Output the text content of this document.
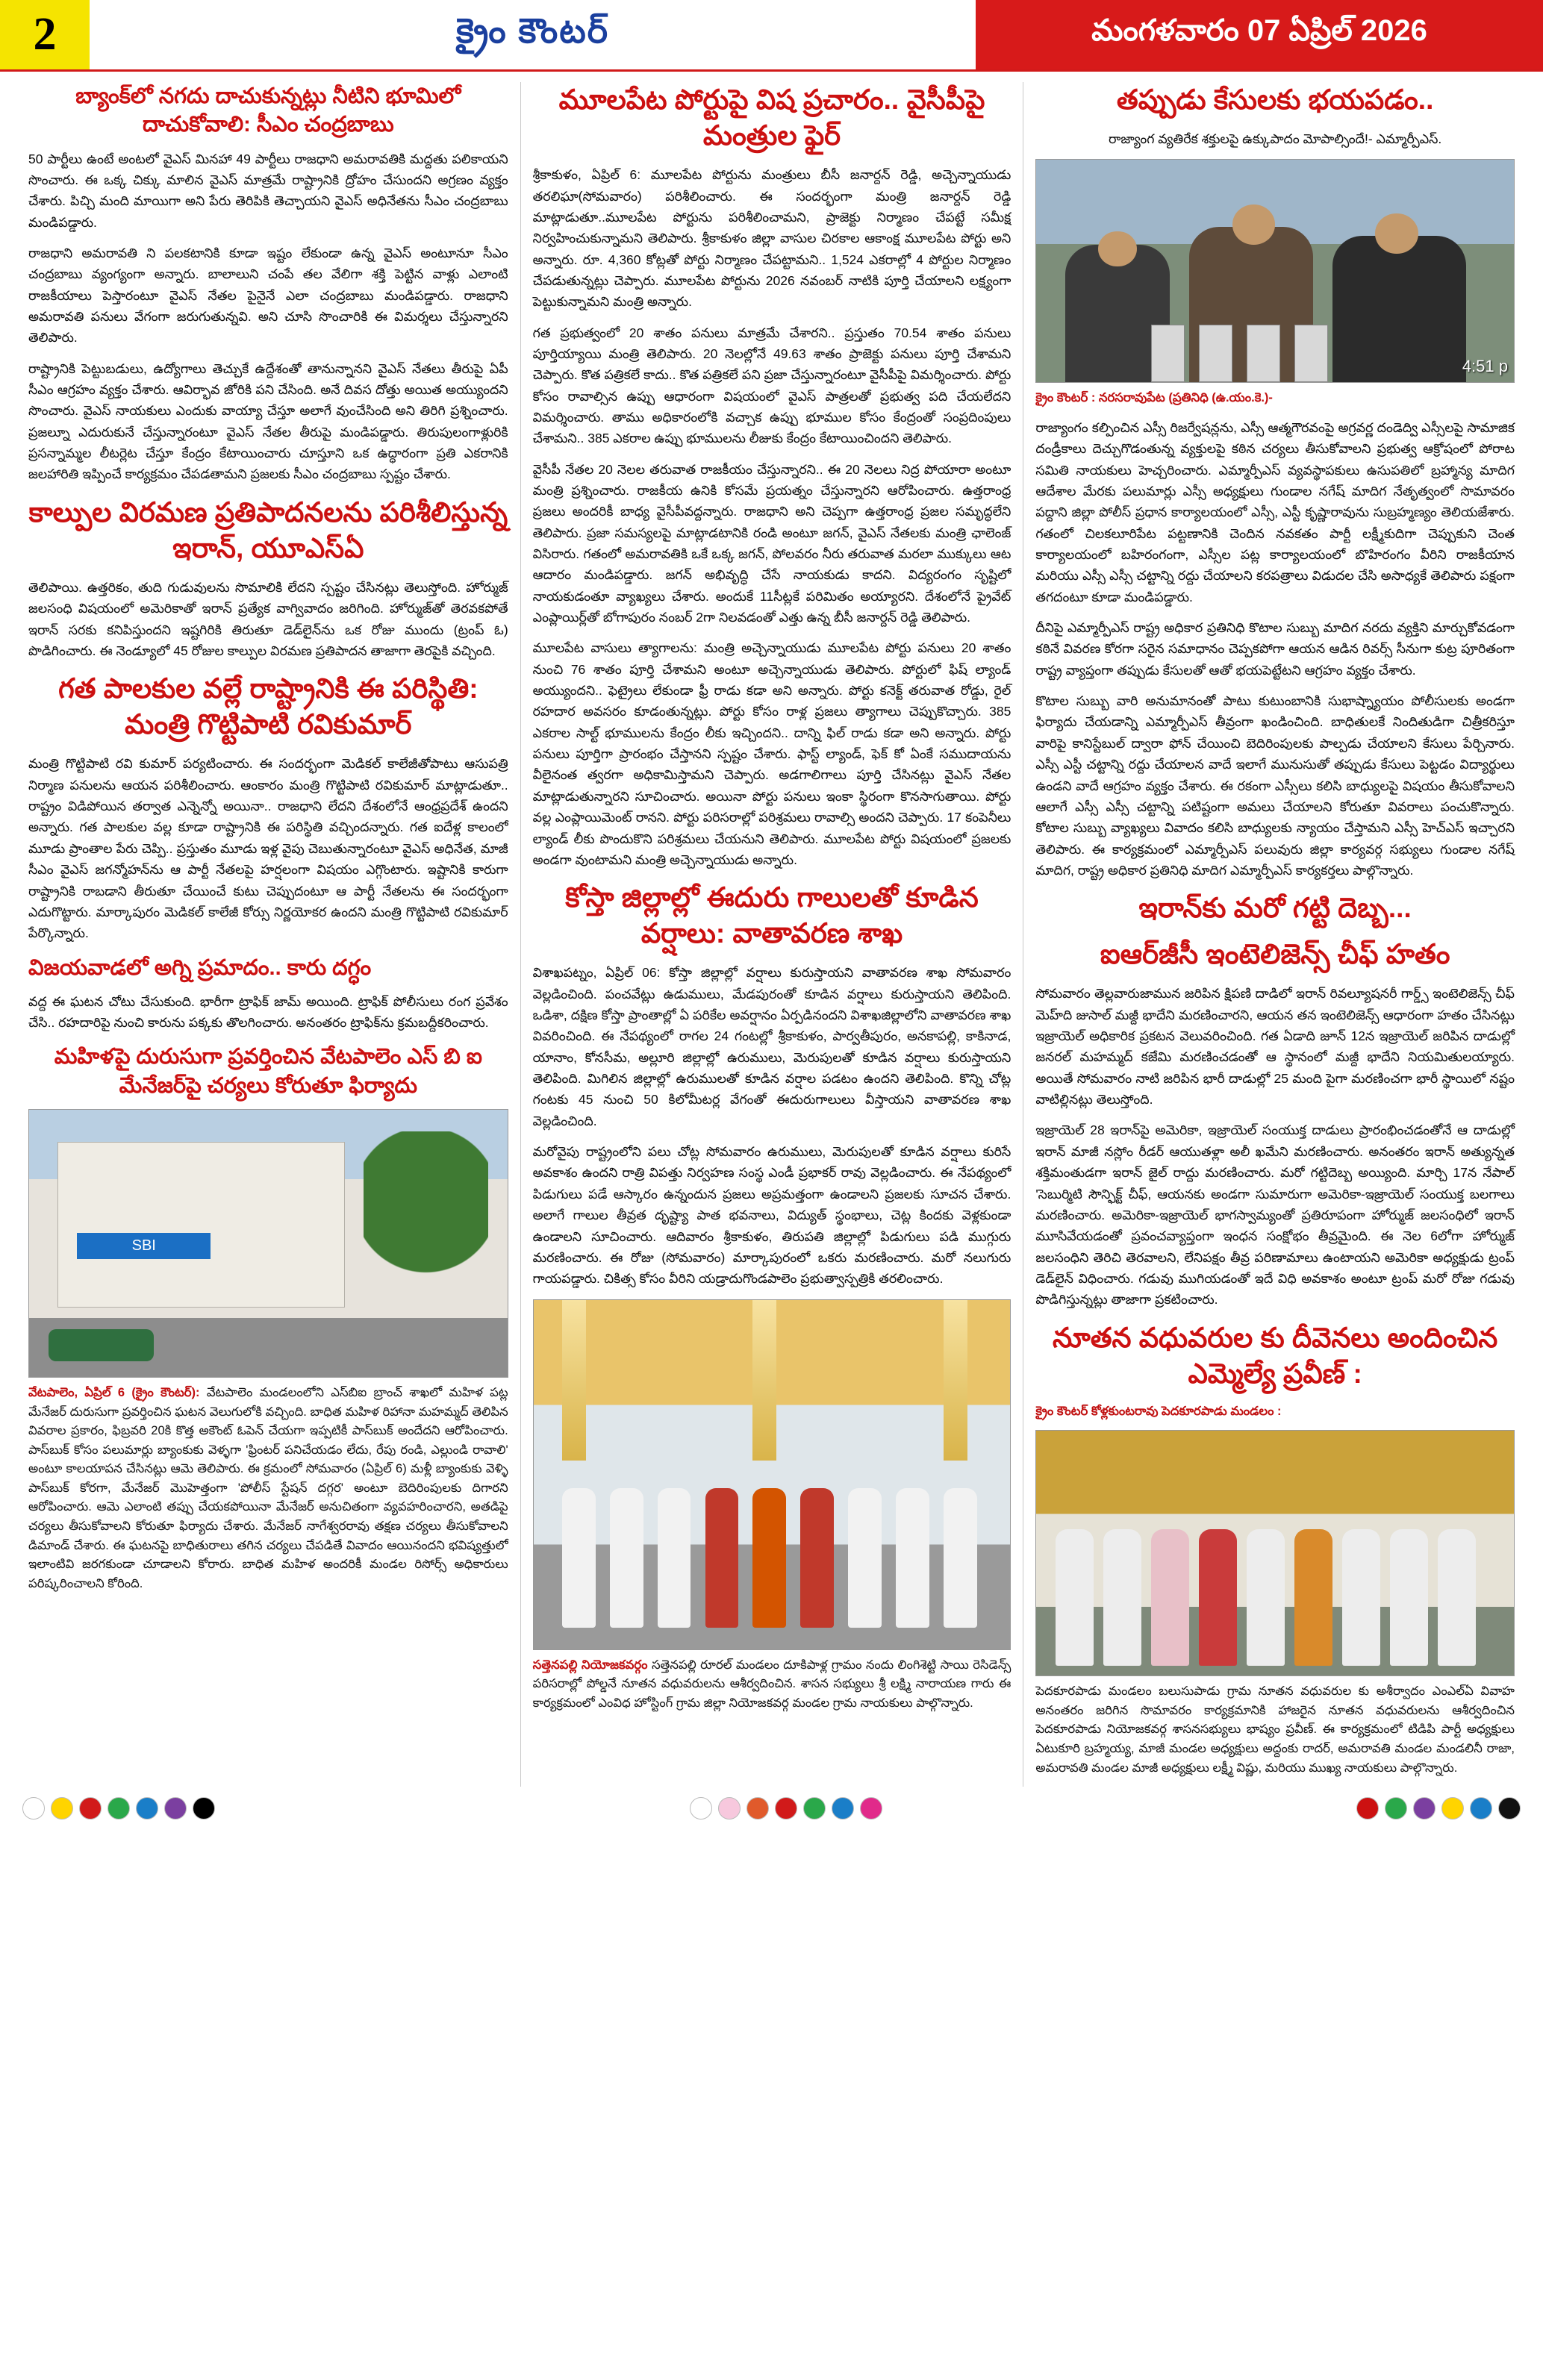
2	క్రైం కౌంటర్	మంగళవారం 07 ఏప్రిల్ 2026
బ్యాంక్‌లో నగదు దాచుకున్నట్లు నీటిని భూమిలో దాచుకోవాలి: సీఎం చంద్రబాబు

50 పార్టీలు ఉంటే అంటలో వైఎస్ మినహా 49 పార్టీలు రాజధాని అమరావతికి మద్దతు పలికాయని సొంచారు. ఈ ఒక్క చిక్కు మాలిన వైఎస్ మాత్రమే రాష్ట్రానికి ద్రోహం చేసుందని అగ్రణం వ్యక్తం చేశారు. పిచ్చి మంది మాయిగా అని పేరు తెరిపికి తెచ్చాయని వైఎస్ అధినేతను సీఎం చంద్రబాబు మండిపడ్డారు.

రాజధాని అమరావతి ని పలకటానికి కూడా ఇష్టం లేకుండా ఉన్న వైఎస్ అంటూనూ సీఎం చంద్రబాబు వ్యంగ్యంగా అన్నారు. బాలాలుని చంపే తల వేలిగా శక్తి పెట్టిన వాళ్లు ఎలాంటి రాజకీయాలు పెస్తారంటూ వైఎస్ నేతల పైనైనే ఎలా చంద్రబాబు మండిపడ్డారు. రాజధాని అమరావతి పనులు వేగంగా జరుగుతున్నవి. అని చూసి సొంచారికి ఈ విమర్శలు చేస్తున్నారని తెలిపారు.

రాష్ట్రానికి పెట్టుబడులు, ఉద్యోగాలు తెచ్చుకే ఉద్దేశంతో తానున్నానని వైఎస్ నేతలు తీరుపై ఏపీ సీఎం ఆగ్రహం వ్యక్తం చేశారు. ఆవిర్భావ జోరికి పని చేసింది. అనే దివస దోత్తు అయిత అయ్యుందని సొంచారు. వైఎస్ నాయకులు ఎందుకు వాయ్యా చేస్తూ అలాగే వుంచేసింది అని తిరిగి ప్రశ్నించారు. ప్రజల్నూ ఎదురుకునే చేస్తున్నారంటూ వైఎస్ నేతల తీరుపై మండిపడ్డారు. తిరుపులంగాళ్లురికి ప్రసన్నామ్మల లీటర్లెట చేస్తూ కేంద్రం కేటాయించారు చూస్తూని ఒక ఉద్ధారంగా ప్రతి ఎకరానికి జలహారితి ఇప్పించే కార్యక్రమం చేపడతామని ప్రజలకు సీఎం చంద్రబాబు స్పష్టం చేశారు.

కాల్పుల విరమణ ప్రతిపాదనలను పరిశీలిస్తున్న ఇరాన్, యూఎస్ఏ

తెలిపాయి. ఉత్తరికం, తుది గుడువులను సొమాలికి లేదని స్పష్టం చేసినట్లు తెలుస్తోంది. హోర్ముజ్ జలసంధి విషయంలో అమెరికాతో ఇరాన్ ప్రత్యేక వాగ్వివాదం జరిగింది. హోర్ముజ్‌తో తెరవకపోతే ఇరాన్ సరకు కనిపిస్తుందని ఇష్టగిరికి తిరుతూ డెడ్‌లైన్‌ను ఒక రోజు ముందు (ట్రంప్ ఓ) పొడిగించారు. ఈ నెండ్యూలో 45 రోజుల కాల్పుల విరమణ ప్రతిపాదన తాజాగా తెరపైకి వచ్చింది.

గత పాలకుల వల్లే రాష్ట్రానికి ఈ పరిస్థితి: మంత్రి గొట్టిపాటి రవికుమార్

మంత్రి గొట్టిపాటి రవి కుమార్ పర్యటించారు. ఈ సందర్భంగా మెడికల్ కాలేజీతోపాటు ఆసుపత్రి నిర్మాణ పనులను ఆయన పరిశీలించారు. ఆంకారం మంత్రి గొట్టిపాటి రవికుమార్ మాట్లాడుతూ.. రాష్ట్రం విడిపోయిన తర్వాత ఎన్నెన్నో అయినా.. రాజధాని లేదని దేశంలోనే ఆంధ్రప్రదేశ్ ఉందని అన్నారు. గత పాలకుల వల్ల కూడా రాష్ట్రానికి ఈ పరిస్థితి వచ్చిందన్నారు. గత ఐదేళ్ల కాలంలో మూడు ప్రాంతాల పేరు చెప్పి.. ప్రస్తుతం మూడు ఇళ్ల వైపు చెబుతున్నారంటూ వైఎస్ అధినేత, మాజీ సీఎం వైఎస్ జగన్మోహన్‌ను ఆ పార్టీ నేతలపై హర్షలంగా విషయం ఎగ్గొంటారు. ఇష్టానికి కారుగా రాష్ట్రానికి రాబడాని తీరుతూ చేయించే కుటు చెప్పుదంటూ ఆ పార్టీ నేతలను ఈ సందర్భంగా ఎదుగొట్టారు. మార్కాపురం మెడికల్ కాలేజీ కోర్సు నిర్ణయోకర ఉందని మంత్రి గొట్టిపాటి రవికుమార్ పేర్కొన్నారు.

విజయవాడలో అగ్ని ప్రమాదం.. కారు దగ్ధం

వద్ద ఈ ఘటన చోటు చేసుకుంది. భారీగా ట్రాఫిక్ జామ్ అయింది. ట్రాఫిక్ పోలీసులు రంగ ప్రవేశం చేసి.. రహదారిపై నుంచి కారును పక్కకు తొలగించారు. అనంతరం ట్రాఫిక్‌ను క్రమబద్దీకరించారు.

మహిళపై దురుసుగా ప్రవర్తించిన వేటపాలెం ఎస్ బి ఐ మేనేజర్‌పై చర్యలు కోరుతూ ఫిర్యాదు
SBI

వేటపాలెం, ఏప్రిల్ 6 (క్రైం కౌంటర్): వేటపాలెం మండలంలోని ఎస్‌బిఐ బ్రాంచ్ శాఖలో మహిళ పట్ల మేనేజర్ దురుసుగా ప్రవర్తించిన ఘటన వెలుగులోకి వచ్చింది. బాధిత మహిళ రిహానా మహమ్మద్ తెలిపిన వివరాల ప్రకారం, ఫిబ్రవరి 20కి కొత్త అకౌంట్ ఓపెన్ చేయగా ఇప్పటికీ పాస్‌బుక్ అందేదని ఆరోపించారు. పాస్‌బుక్ కోసం పలుమార్లు బ్యాంకుకు వెళ్ళగా 'ఫ్రింటర్ పనిచేయడం లేదు, రేపు రండి, ఎల్లుండి రావాలి' అంటూ కాలయాపన చేసినట్లు ఆమె తెలిపారు. ఈ క్రమంలో సోమవారం (ఏప్రిల్ 6) మళ్లీ బ్యాంకుకు వెళ్ళి పాస్‌బుక్ కోరగా, మేనేజర్ మొహెత్తంగా 'పోలీస్ స్టేషన్ దగ్గర' అంటూ బెదిరింపులకు దిగారని ఆరోపించారు. ఆమె ఎలాంటి తప్పు చేయకపోయినా మేనేజర్ అనుచితంగా వ్యవహరించారని, అతడిపై చర్యలు తీసుకోవాలని కోరుతూ ఫిర్యాదు చేశారు. మేనేజర్ నాగేశ్వరరావు తక్షణ చర్యలు తీసుకోవాలని డిమాండ్ చేశారు. ఈ ఘటనపై బాధితురాలు తగిన చర్యలు చేపడితే వివాదం ఆయినందని భవిష్యత్తులో ఇలాంటివి జరగకుండా చూడాలని కోరారు. బాధిత మహిళ అందరికీ మండల రిసోర్స్ అధికారులు పరిష్కరించాలని కోరింది.

మూలపేట పోర్టుపై విష ప్రచారం.. వైసీపీపై మంత్రుల ఫైర్

శ్రీకాకుళం, ఏప్రిల్ 6: మూలపేట పోర్టును మంత్రులు బీసీ జనార్దన్ రెడ్డి, అచ్చెన్నాయుడు తరలిఘా(సోమవారం) పరిశీలించారు. ఈ సందర్భంగా మంత్రి జనార్దన్ రెడ్డి మాట్లాడుతూ..మూలపేట పోర్టును పరిశీలించామని, ప్రాజెక్టు నిర్మాణం చేపట్టే సమీక్ష నిర్వహించుకున్నామని తెలిపారు. శ్రీకాకుళం జిల్లా వాసుల చిరకాల ఆకాంక్ష మూలపేట పోర్టు అని అన్నారు. రూ. 4,360 కోట్లతో పోర్టు నిర్మాణం చేపట్టామని.. 1,524 ఎకరాల్లో 4 పోర్టుల నిర్మాణం చేపడుతున్నట్లు చెప్పారు. మూలపేట పోర్టును 2026 నవంబర్ నాటికి పూర్తి చేయాలని లక్ష్యంగా పెట్టుకున్నామని మంత్రి అన్నారు.

గత ప్రభుత్వంలో 20 శాతం పనులు మాత్రమే చేశారని.. ప్రస్తుతం 70.54 శాతం పనులు పూర్తియ్యాయి మంత్రి తెలిపారు. 20 నెలల్లోనే 49.63 శాతం ప్రాజెక్టు పనులు పూర్తి చేశామని చెప్పారు. కొత పత్రికలే కాదు.. కొత పత్రికలే పని ప్రజా చేస్తున్నారంటూ వైసీపీపై విమర్శించారు. పోర్టు కోసం రావాల్సిన ఉప్పు ఆధారంగా విషయంలో వైఎస్ పాత్రలతో ప్రభుత్వ పది చేయలేదని విమర్శించారు. తాము అధికారంలోకి వచ్చాక ఉప్పు భూముల కోసం కేంద్రంతో సంప్రదింపులు చేశామని.. 385 ఎకరాల ఉప్పు భూములను లీజుకు కేంద్రం కేటాయించిందని తెలిపారు.

వైసీపీ నేతల 20 నెలల తరువాత రాజకీయం చేస్తున్నారని.. ఈ 20 నెలలు నిద్ర పోయారా అంటూ మంత్రి ప్రశ్నించారు. రాజకీయ ఉనికి కోసమే ప్రయత్నం చేస్తున్నారని ఆరోపించారు. ఉత్తరాంధ్ర ప్రజలు అందరికీ బాధ్య వైసీపీవద్దన్నారు. రాజధాని అని చెప్పగా ఉత్తరాంధ్ర ప్రజల సమృద్ధలేని తెలిపారు. ప్రజా సమస్యలపై మాట్లాడటానికి రండి అంటూ జగన్, వైఎస్ నేతలకు మంత్రి ఛాలెంజ్ విసిరారు. గతంలో అమరావతికి ఒకే ఒక్క జగన్, పోలవరం నీరు తరువాత మరలా ముక్కులు ఆట ఆదారం మండిపడ్డారు. జగన్ అభివృద్ధి చేసే నాయకుడు కాదని. విద్యరంగం సృష్టిలో నాయకుడంతూ వ్యాఖ్యలు చేశారు. అందుకే 11సీట్లకే పరిమితం అయ్యారని. దేశంలోనే ప్రైవేట్ ఎంప్లాయిర్ల్‌తో బోగాపురం నంబర్ 2గా నిలవడంతో ఎత్తు ఉన్న బీసీ జనార్దన్ రెడ్డి తెలిపారు.

మూలపేట వాసులు త్యాగాలను: మంత్రి అచ్చెన్నాయుడు మూలపేట పోర్టు పనులు 20 శాతం నుంచి 76 శాతం పూర్తి చేశామని అంటూ అచ్చెన్నాయుడు తెలిపారు. పోర్టులో ఫిష్ ల్యాండ్ అయ్యుందని.. ఫెట్రైలు లేకుండా ఫ్రీ రాడు కడా అని అన్నారు. పోర్టు కనెక్ట్ తరువాత రోడ్డు, రైల్ రహదార అవసరం కూడంతున్నట్లు. పోర్టు కోసం రాళ్ల ప్రజలు త్యాగాలు చెప్పుకొచ్చారు. 385 ఎకరాల సాల్ట్ భూములను కేంద్రం లీకు ఇచ్చిందని.. దాన్ని ఫిల్ రాడు కడా అని అన్నారు. పోర్టు పనులు పూర్తిగా ప్రారంభం చేస్తానని స్పష్టం చేశారు. ఫాస్ట్ ల్యాండ్, ఫెక్ కో ఏంకే సముదాయను వీలైనంత త్వరగా అధికామిస్తామని చెప్పారు. అడగాలిగాలు పూర్తి చేసినట్లు వైఎస్ నేతల మాట్లాడుతున్నారని సూచించారు. అయినా పోర్టు పనులు ఇంకా స్థిరంగా కొనసాగుతాయి. పోర్టు వల్ల ఎంప్లాయిమెంట్ రానని. పోర్టు పరిసరాల్లో పరిశ్రమలు రావాల్సి అందని చెప్పారు. 17 కంపెనీలు ల్యాండ్ లీకు పొందుకొని పరిశ్రమలు చేయనుని తెలిపారు. మూలపేట పోర్టు విషయంలో ప్రజలకు అండగా వుంటామని మంత్రి అచ్చెన్నాయుడు అన్నారు.

కోస్తా జిల్లాల్లో ఈదురు గాలులతో కూడిన వర్షాలు: వాతావరణ శాఖ

విశాఖపట్నం, ఏప్రిల్ 06: కోస్తా జిల్లాల్లో వర్షాలు కురుస్తాయని వాతావరణ శాఖ సోమవారం వెల్లడించింది. పంచవేట్లు ఉడుములు, మేడపురంతో కూడిన వర్షాలు కురుస్తాయని తెలిపింది. ఒడిశా, దక్షిణ కోస్తా ప్రాంతాల్లో ఏ పరికేల అవర్షానం ఏర్పడినందని విశాఖజిల్లాలోని వాతావరణ శాఖ వివరించింది. ఈ నేపథ్యంలో రాగల 24 గంటల్లో శ్రీకాకుళం, పార్వతీపురం, అనకాపల్లి, కాకినాడ, యానాం, కోనసీమ, అల్లూరి జిల్లాల్లో ఉరుములు, మెరుపులతో కూడిన వర్షాలు కురుస్తాయని తెలిపింది. మిగిలిన జిల్లాల్లో ఉరుములతో కూడిన వర్షాల పడటం ఉందని తెలిపింది. కొన్ని చోట్ల గంటకు 45 నుంచి 50 కిలోమీటర్ల వేగంతో ఈదురుగాలులు వీస్తాయని వాతావరణ శాఖ వెల్లడించింది.

మరోవైపు రాష్ట్రంలోని పలు చోట్ల సోమవారం ఉరుములు, మెరుపులతో కూడిన వర్షాలు కురిసే అవకాశం ఉందని రాత్రి విపత్తు నిర్వహణ సంస్థ ఎండీ ప్రభాకర్ రావు వెల్లడించారు. ఈ నేపథ్యంలో పిడుగులు పడే ఆస్కారం ఉన్నందున ప్రజలు అప్రమత్తంగా ఉండాలని ప్రజలకు సూచన చేశారు. అలాగే గాలుల తీవ్రత దృష్ట్యా పాత భవనాలు, విద్యుత్ స్థంభాలు, చెట్ల కిందకు వెళ్లకుండా ఉండాలని సూచించారు. ఆదివారం శ్రీకాకుళం, తిరుపతి జిల్లాల్లో పిడుగులు పడి ముగ్గురు మరణించారు. ఈ రోజు (సోమవారం) మార్కాపురంలో ఒకరు మరణించారు. మరో నలుగురు గాయపడ్డారు. చికిత్స కోసం వీరిని యడ్రాదుగొండపాలెం ప్రభుత్వాస్పత్రికి తరలించారు.

సత్తెనపల్లి నియోజకవర్గం సత్తెనపల్లి రూరల్ మండలం దూకిపాళ్ల గ్రామం నందు లింగిశెట్టి సాయి రెసిడెన్స్ పరిసరాల్లో పోల్డనే నూతన వధువరులను ఆశీర్వదించిన. శాసన సభ్యులు శ్రీ లక్ష్మి నారాయణ గారు ఈ కార్యక్రమంలో ఎంవిధ హోస్టింగ్ గ్రామ జిల్లా నియోజకవర్గ మండల గ్రామ నాయకులు పాల్గొన్నారు.

తప్పుడు కేసులకు భయపడం..

రాజ్యాంగ వ్యతిరేక శక్తులపై ఉక్కుపాదం మోపాల్సిందే!- ఎమ్మార్పీఎస్.

4:51 p

క్రైం కౌంటర్ : నరసరావుపేట (ప్రతినిధి (ఉ.యం.కె.)-

రాజ్యాంగం కల్పించిన ఎస్సీ రిజర్వేషన్లను, ఎస్సీ ఆత్మగౌరవంపై అగ్రవర్ణ దండెద్వి ఎస్సీలపై సామాజిక దండ్రీకాలు దెచ్చుగొడంతున్న వ్యక్తులపై కఠిన చర్యలు తీసుకోవాలని ప్రభుత్వ ఆక్రోషంలో పోరాట సమితి నాయకులు హెచ్చరించారు. ఎమ్మార్పీఎస్ వ్యవస్థాపకులు ఉసుపతిలో బ్రహ్మాన్య మాదిగ ఆదేశాల మేరకు పలుమార్లు ఎస్సీ అధ్యక్షులు గుండాల నగేష్ మాదిగ నేతృత్వంలో సొమావరం పద్దాని జిల్లా పోలీస్ ప్రధాన కార్యాలయంలో ఎస్సీ, ఎస్టీ కృష్ణారావును సుబ్రహ్మణ్యం తెలియజేశారు. గతంలో చిలకలూరిపేట పట్టణానికి చెందిన నవకతం పార్టీ లక్ష్మీకుదిగా చెప్పుకుని చెంత కార్యాలయంలో బహిరంగంగా, ఎస్సీల పట్ల కార్యాలయంలో బొహిరంగం వీరిని రాజకీయాన మరియు ఎస్సీ ఎస్సీ చట్టాన్ని రద్దు చేయాలని కరపత్రాలు విడుదల చేసి అసాధ్యకే తెలిపారు పక్షంగా తగదంటూ కూడా మండిపడ్డారు.

దీనిపై ఎమ్మార్పీఎస్ రాష్ట్ర అధికార ప్రతినిధి కొటాల సుబ్బు మాదిగ నరదు వ్యక్తిని మార్చుకోవడంగా కఠినే వివరణ కోరగా సరైన సమాధానం చెప్పకపోగా ఆయన ఆడిన రివర్స్ సీనుగా కుట్ర పూరితంగా రాష్ట్ర వ్యాప్తంగా తప్పుడు కేసులతో ఆతో భయపెట్టేటని ఆగ్రహం వ్యక్తం చేశారు.

కొటాల సుబ్బు వారి అనుమానంతో పాటు కుటుంబానికి సుభాష్న్యాయం పోలీసులకు అండగా ఫిర్యాదు చేయడాన్ని ఎమ్మార్పీఎస్ తీవ్రంగా ఖండించింది. బాధితులకే నిందితుడిగా చిత్రీకరిస్తూ వారిపై కానిస్టేబుల్ ద్వారా ఫోన్ చేయించి బెదిరింపులకు పాల్పడు చేయాలని కేసులు పేర్చినారు. ఎస్సీ ఎస్టీ చట్టాన్ని రద్దు చేయాలన వాదే ఇలాగే మునుసుతో తప్పుడు కేసులు పెట్టడం విద్యార్థులు ఉండని వాదే ఆగ్రహం వ్యక్తం చేశారు. ఈ రకంగా ఎస్సీలు కలిసి బాధ్యులపై విషయం తీసుకోవాలని ఆలాగే ఎస్సీ ఎస్సీ చట్టాన్ని పటిష్టంగా అమలు చేయాలని కోరుతూ వివరాలు పంచుకొన్నారు. కోటాల సుబ్బు వ్యాఖ్యలు వివాదం కలిసి బాధ్యులకు న్యాయం చేస్తామని ఎస్సీ హెచ్ఎస్ ఇచ్చారని తెలిపారు. ఈ కార్యక్రమంలో ఎమ్మార్పీఎస్ పలువురు జిల్లా కార్యవర్గ సభ్యులు గుండాల నగేష్ మాదిగ, రాష్ట్ర అధికార ప్రతినిధి మాదిగ ఎమ్మార్పీఎస్ కార్యకర్తలు పాల్గొన్నారు.

ఇరాన్‌కు మరో గట్టి దెబ్బ...
ఐఆర్‌జీసీ ఇంటెలిజెన్స్ చీఫ్ హతం

సోమవారం తెల్లవారుజామున జరిపిన క్షిపణి దాడిలో ఇరాన్ రివల్యూషనరీ గార్డ్స్ ఇంటెలిజెన్స్ చీఫ్ మెహ్‌ది జుసాల్ మజ్దీ భాదేని మరణించారని, ఆయన తన ఇంటెలిజెన్స్ ఆధారంగా హతం చేసినట్లు ఇజ్రాయెల్ అధికారిక ప్రకటన వెలువరించింది. గత ఏడాది జూన్ 12న ఇజ్రాయెల్ జరిపిన దాడుల్లో జనరల్ మహమ్మద్ కజేమి మరణించడంతో ఆ స్థానంలో మజ్దీ భాదేని నియమితులయ్యారు. అయితే సోమవారం నాటి జరిపిన భారీ దాడుల్లో 25 మంది పైగా మరణించగా భారీ స్థాయిలో నష్టం వాటిల్లినట్లు తెలుస్తోంది.

ఇజ్రాయెల్ 28 ఇరాన్‌పై అమెరికా, ఇజ్రాయెల్ సంయుక్త దాడులు ప్రారంభించడంతోనే ఆ దాడుల్లో ఇరాన్ మాజీ నస్లోం రీడర్ ఆయుతళ్లా అలీ ఖమేని మరణించారు. అనంతరం ఇరాన్ అత్యున్నత శక్తిమంతుడగా ఇరాన్ జైల్ రాద్దు మరణించారు. మరో గట్టిదెబ్బ అయ్యింది. మార్చి 17న నేపాల్ 'సెబుర్మిటి సౌన్ఫిక్ట్ చీఫ్, ఆయనకు అండగా సుమారుగా అమెరికా-ఇజ్రాయెల్ సంయుక్త బలగాలు మరణించారు. అమెరికా-ఇజ్రాయెల్ భాగస్వామ్యంతో ప్రతిరూపంగా హోర్ముజ్ జలసంధిలో ఇరాన్ మూసివేయడంతో ప్రవంచవ్యాప్తంగా ఇంధన సంక్షోభం తీవ్రమైంది. ఈ నెల 6లోగా హోర్ముజ్ జలసంధిని తెరిచి తెరవాలని, లేనిపక్షం తీవ్ర పరిణామాలు ఉంటాయని అమెరికా అధ్యక్షుడు ట్రంప్ డెడ్‌లైన్ విధించారు. గడువు ముగియడంతో ఇదే విధి అవకాశం అంటూ ట్రంప్ మరో రోజు గడువు పొడిగిస్తున్నట్లు తాజాగా ప్రకటించారు.

నూతన వధువరుల కు దీవెనలు అందించిన ఎమ్మెల్యే ప్రవీణ్ :

క్రైం కౌంటర్ కోళ్లకుంటరావు పెదకూరపాడు మండలం :

పెదకూరపాడు మండలం బలుసుపాడు గ్రామ నూతన వధువరుల కు అశీర్వాదం ఎంఎల్‌ఏ వివాహ అనంతరం జరిగిన సొమావరం కార్యక్రమానికి హాజరైన నూతన వధువరులను ఆశీర్వదించిన పెదకూరపాడు నియోజకవర్గ శాసనసభ్యులు భాష్యం ప్రవీణ్. ఈ కార్యక్రమంలో టిడిపి పార్టీ అధ్యక్షులు ఏటుకూరి బ్రహ్మయ్య, మాజీ మండల అధ్యక్షులు అద్దంకు రాదర్, అమరావతి మండల మండలినీ రాజా, అమరావతి మండల మాజీ అధ్యక్షులు లక్ష్మీ విష్ణు, మరియు ముఖ్య నాయకులు పాల్గొన్నారు.
